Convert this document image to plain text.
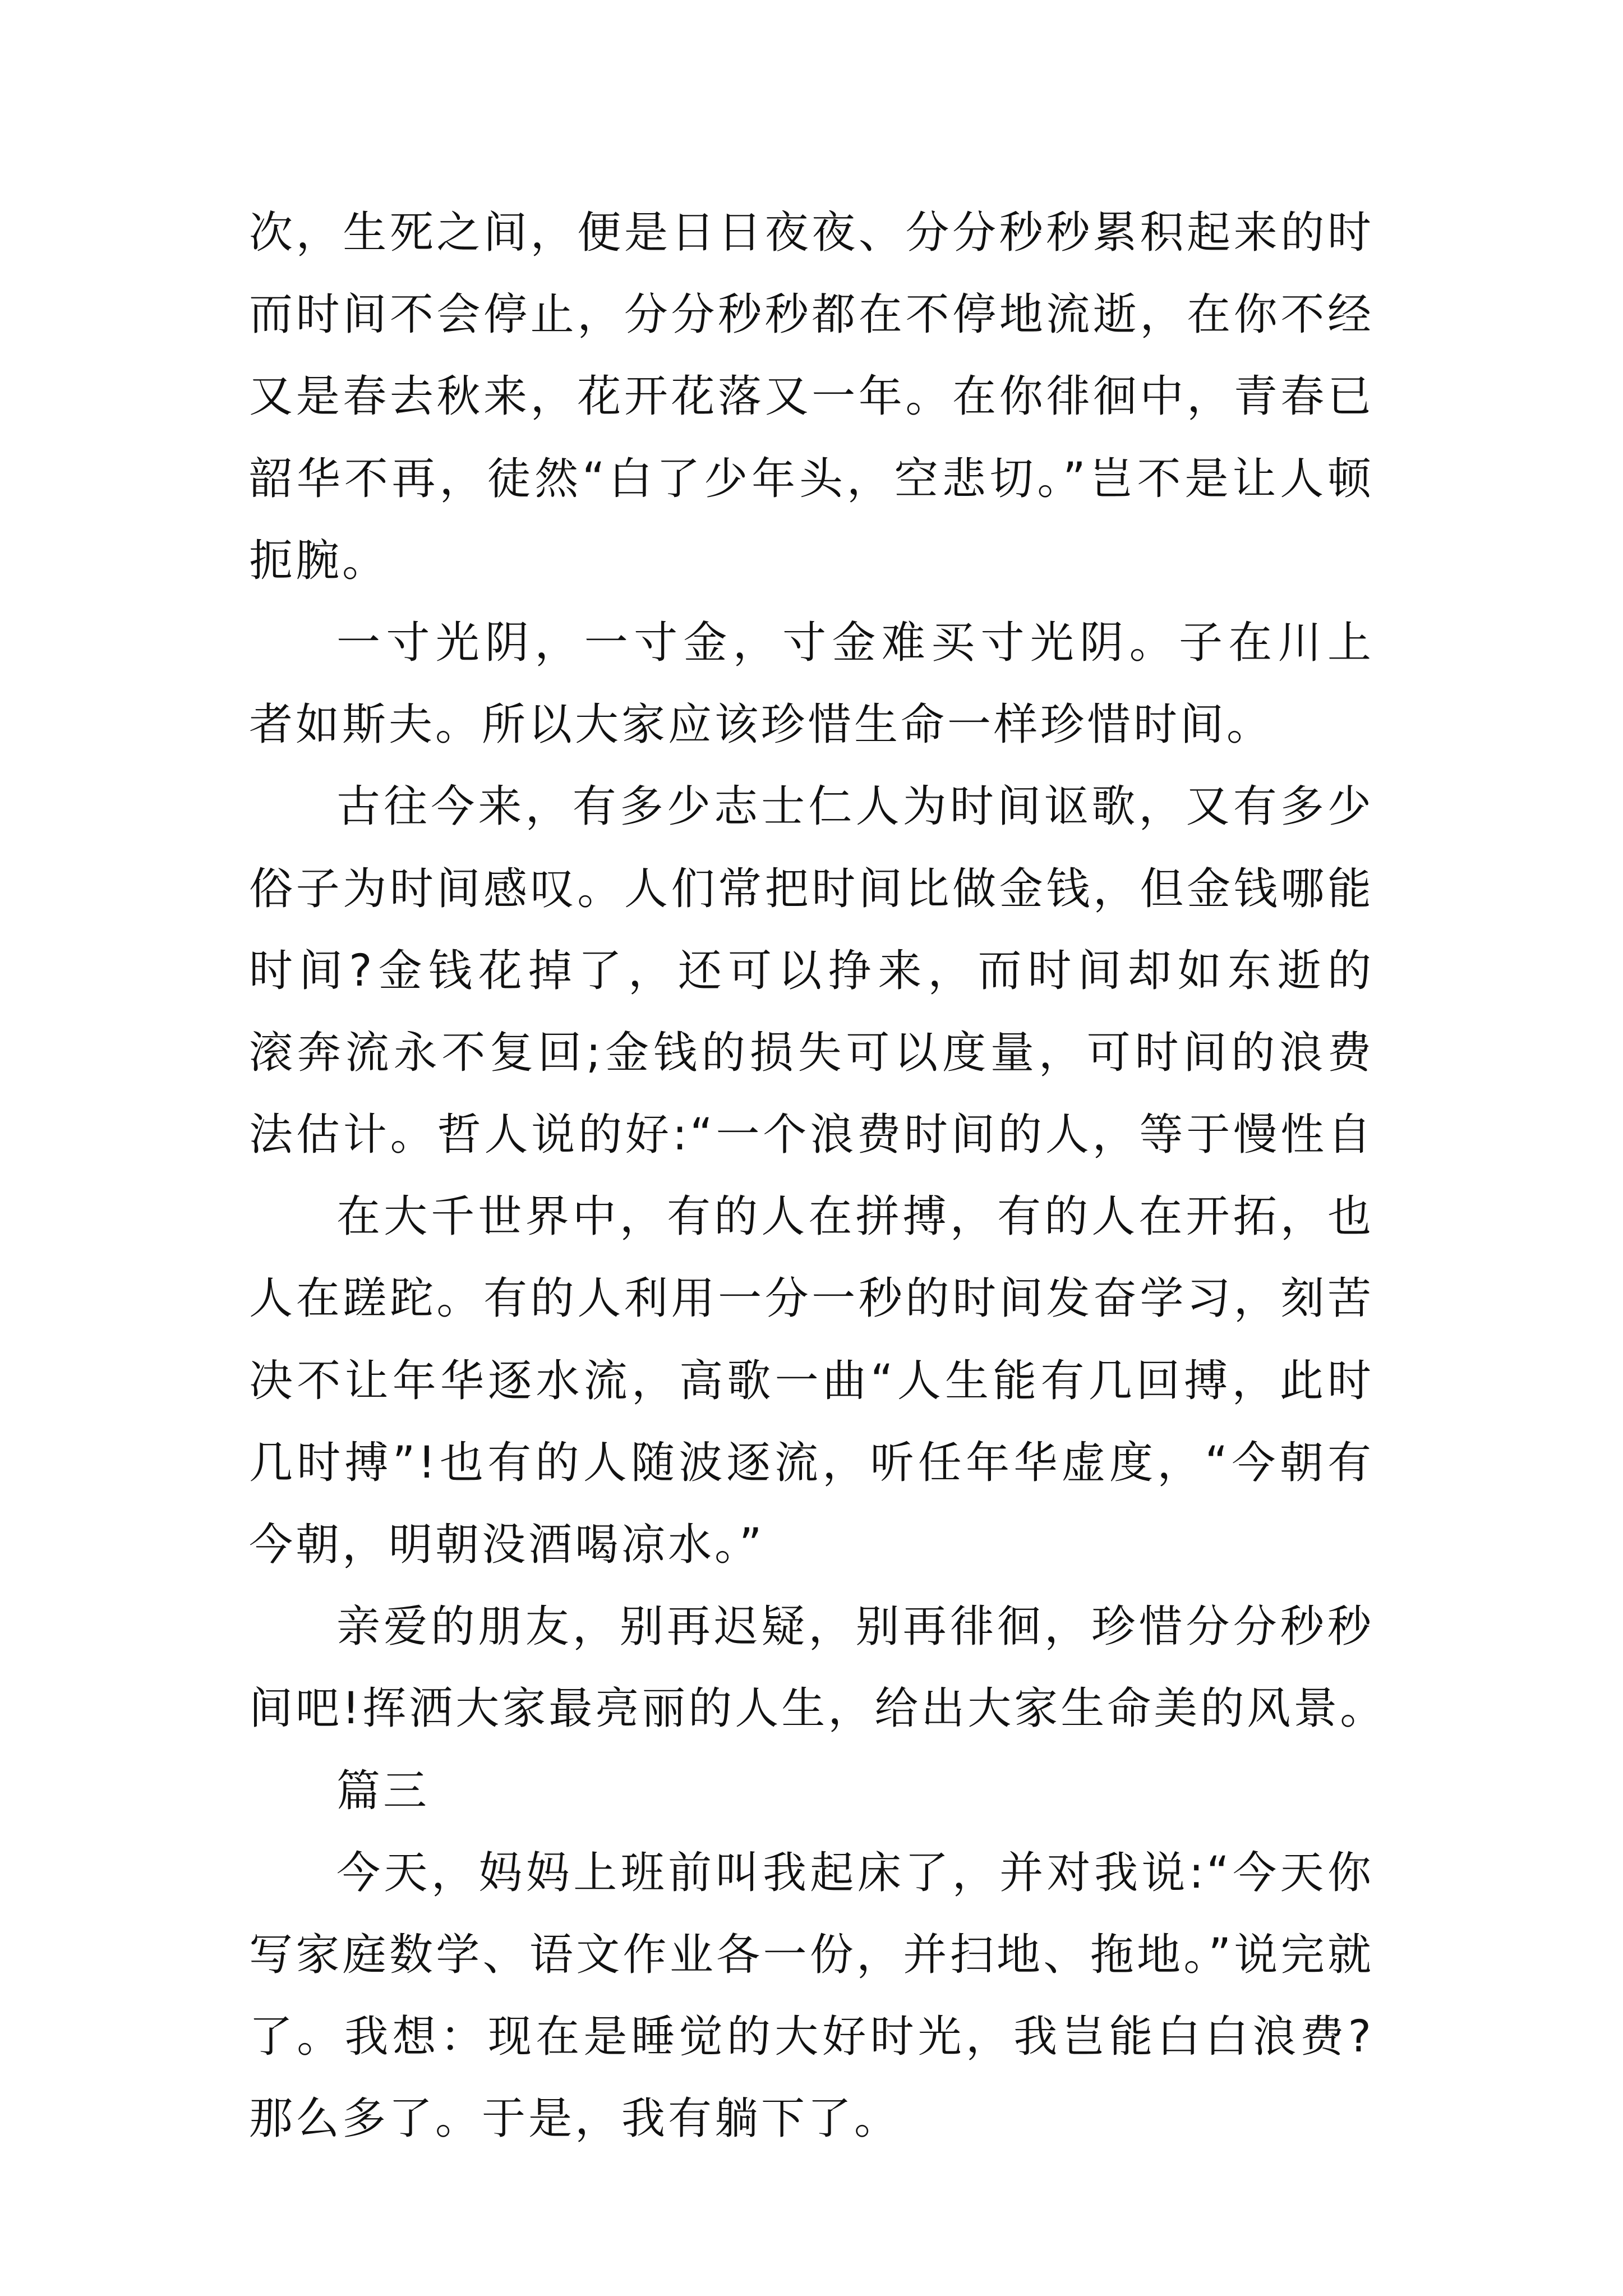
次，生死之间，便是日日夜夜、分分秒秒累积起来的时
而时间不会停止，分分秒秒都在不停地流逝，在你不经
又是春去秋来，花开花落又一年。在你徘徊中，青春已
韶华不再，徒然“白了少年头，空悲切。”岂不是让人顿
扼腕。
一寸光阴，一寸金，寸金难买寸光阴。子在川上
者如斯夫。所以大家应该珍惜生命一样珍惜时间。
古往今来，有多少志士仁人为时间讴歌，又有多少
俗子为时间感叹。人们常把时间比做金钱，但金钱哪能
时间?金钱花掉了，还可以挣来，而时间却如东逝的
滚奔流永不复回;金钱的损失可以度量，可时间的浪费
法估计。哲人说的好:“一个浪费时间的人，等于慢性自
在大千世界中，有的人在拼搏，有的人在开拓，也
人在蹉跎。有的人利用一分一秒的时间发奋学习，刻苦
决不让年华逐水流，高歌一曲“人生能有几回搏，此时
几时搏”!也有的人随波逐流，听任年华虚度，“今朝有
今朝，明朝没酒喝凉水。”
亲爱的朋友，别再迟疑，别再徘徊，珍惜分分秒秒
间吧!挥洒大家最亮丽的人生，给出大家生命美的风景。
篇三
今天，妈妈上班前叫我起床了，并对我说:“今天你
写家庭数学、语文作业各一份，并扫地、拖地。”说完就
了。我想：现在是睡觉的大好时光，我岂能白白浪费?
那么多了。于是，我有躺下了。
